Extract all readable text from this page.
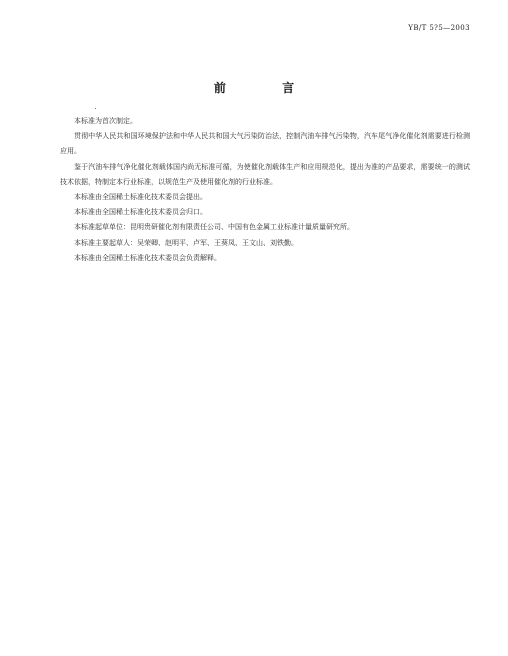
YB/T 5?5—2003
前 言

本标准为首次制定。

贯彻中华人民共和国环境保护法和中华人民共和国大气污染防治法，控制汽油车排气污染物，汽车尾气净化催化剂需要进行检测应用。

鉴于汽油车排气净化催化剂载体国内尚无标准可循，为使催化剂载体生产和应用规范化，提出为准的产品要求，需要统一的测试技术依据，特制定本行业标准，以规范生产及使用催化剂的行业标准。

本标准由全国稀土标准化技术委员会提出。

本标准由全国稀土标准化技术委员会归口。

本标准起草单位：昆明贵研催化剂有限责任公司、中国有色金属工业标准计量质量研究所。

本标准主要起草人：吴荣卿、赵明平、卢军、王葵凤、王文山、刘铁勤。

本标准由全国稀土标准化技术委员会负责解释。
